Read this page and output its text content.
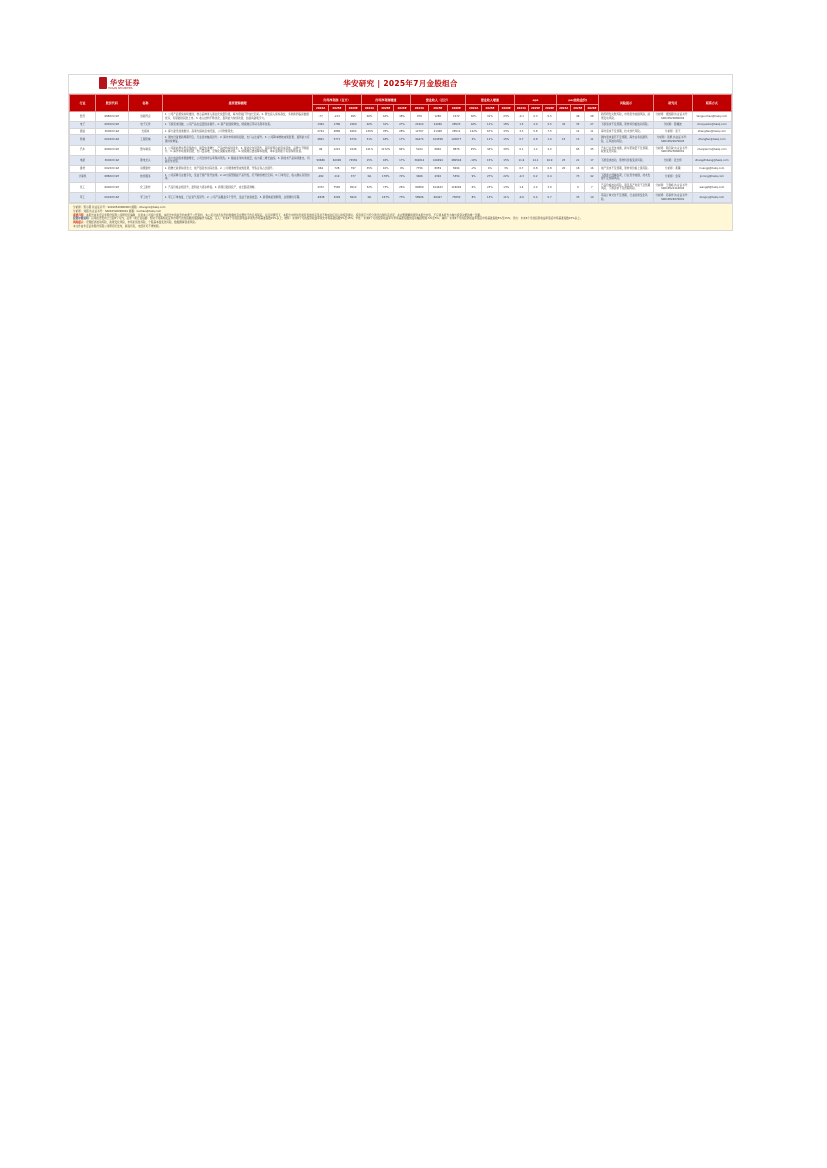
华安证券
HUAAN SECURITIES
华安研究 | 2025年7月金股组合
行业	股票代码	名称	推荐逻辑梳理	归母净利润（百万）			归母净利润增速			营业收入（百万）			营业收入增速			eps			pe(按收盘价)			风险提示	研究员	联系方式
				2024A	2025E	2026E	2024A	2025E	2026E	2024A	2025E	2026E	2024A	2025E	2026E	2024A	2025E	2026E	2024A	2025E	2026E			
医药	688XXX.SH	创新药企	1. 公司产品管线持续推进，核心品种进入商业化放量阶段，海外授权打开成长空间。2. 研发投入保持高位，多款新药临床数据优异，有望陆续获批上市。3. 收入结构不断优化，盈利能力持续改善，估值具备吸引力。	-77	-213	265	46%	42%	38%	976	1280	1572	30%	31%	23%	-0.1	0.3	0.5		46	28	新药研发失败风险，市场竞争加剧风险，政策变动风险。	分析师：谭国超 执业证书号：S0010520080002	tanguochao@hazq.com
电子	603XXX.SH	电子元件	1. 下游需求回暖，公司产品出货量稳步提升。2. 新产能陆续释放，规模效应带动毛利率改善。	1364	1780	2269	40%	31%	27%	21924	24260	28523	16%	11%	18%	1.5	2.0	2.5	45	35	27	下游需求不及预期，原材料价格波动风险。	分析师：陈耀波	chenyaobo@hazq.com
通信	300XXX.SZ	光模块	1. 算力建设加速推进，高速光模块需求旺盛，公司份额领先。	2744	4889	6264	139%	78%	28%	12797	21368	28512	122%	67%	33%	3.3	5.8	7.5		14	11	海外需求不及预期，技术迭代风险。	分析师：张天	zhangtian@hazq.com
机械	002XXX.SZ	工程机械	1. 国内设备更新周期开启，行业需求触底回升。2. 海外市场持续拓展，出口占比提升。3. 公司降本增效成果显著，盈利能力有望持续修复。	4891	5771	6734	31%	18%	17%	94474	104598	120677	4%	11%	15%	0.7	0.8	1.0	15	13	11	国内需求复苏不及预期，海外业务拓展风险，汇率波动风险。	分析师：张帆 执业证书号：S0010522070003	zhangfan@hazq.com
汽车	600XXX.SH	整车制造	1. 公司新能源车型密集推出，销量快速增长，产品结构持续优化。2. 智能化布局领先，高阶智驾功能逐步落地，品牌力不断提升。3. 海外市场加速拓展，出口量高增，全球化战略成效初显。4. 规模效应叠加降本措施，单车盈利能力有望持续改善。	96	1221	2246	141%	1172%	84%	5104	6840	8876	25%	34%	30%	0.1	1.2	2.2		65	35	汽车行业竞争加剧，新车型销量不及预期，政策变化风险。	分析师：陈佳敏 执业证书号：S0010523060001	chenjiamin@hazq.com
电新	300XXX.SZ	锂电龙头	1. 动力电池需求稳健增长，公司全球市占率保持领先。2. 储能业务快速放量，成为第二增长曲线。3. 新技术产品持续推出，巩固竞争优势。	50686	62099	74581	15%	18%	17%	362012	416994	480546	-10%	15%	15%	11.6	14.1	16.9	25	21	17	下游需求波动，原材料价格变动风险。	分析师：张志邦	zhangzhibang@hazq.com
建材	002XXX.SZ	消费建材	1. 稳增长政策持续发力，地产链需求边际改善。2. 公司渠道转型成效显著，零售业务占比提升。	664	728	797	35%	10%	9%	7756	8059	8294	-2%	4%	3%	0.7	0.8	0.8	20	18	16	地产需求不及预期，原材料价格上涨风险。	分析师：黄骥	huangji@hazq.com
计算机	688XXX.SH	软件服务	1. 公司深耕行业数字化，受益于国产替代加速。2. AI大模型赋能产品升级，打开新的增长空间。3. 订单充足，收入确认有望加速。	-282	219	377	NA	178%	72%	3466	4392	5354	9%	27%	22%	-0.3	0.2	0.4		73	42	下游客户预算收紧，行业竞争加剧，技术发展不及预期风险。	分析师：金荣	jinrong@hazq.com
化工	600XXX.SH	化工新材	1. 产品价格企稳回升，盈利能力逐步修复。2. 新项目陆续投产，成长路径清晰。	4372	7565	9512	32%	73%	26%	84889	104643	118094	6%	23%	13%	1.4	2.4	3.0		9	7	产品价格波动风险，项目投产进度不及预期风险，下游需求不及预期风险。	分析师：王强峰 执业证书号：S0010522110002	wangqf@hazq.com
军工	002XXX.SZ	军工电子	1. 军工订单恢复，行业景气度回升。2. 公司产品覆盖多个型号，受益于装备放量。3. 新领域拓展顺利，业绩弹性可期。	-4848	3249	5624	NA	167%	73%	58996	66427	73650	8%	13%	11%	-0.6	0.4	0.7		33	19	军品订单交付不及预期，行业政策变化风险。	分析师：邓承佯 执业证书号：S0010524070001	dengcy@hazq.com

分析师：郑小霞 执业证书号：S0010520080003 邮箱：zhengxx@hazq.com

分析师：刘超 执业证书号：S0010520090001 邮箱：liuchao@hazq.com

重要声明：本报告由华安证券股份有限公司研究所编制，仅供本公司客户使用。本报告中的信息均来源于公开资料，本公司对这些信息的准确性及完整性不作任何保证。在任何情况下，本报告中的信息或所表述的意见并不构成对任何人的投资建议。投资者应当充分考虑自身特定状况，并完整理解和使用本报告内容，不应视本报告为做出投资决策的唯一因素。

投资评级说明：以本报告发布之日起6个月内，证券（或行业指数）相对于同期相关证券市场代表性指数的涨跌幅作为基准。买入：未来6个月的投资收益率领先市场基准指数15%以上；增持：未来6个月的投资收益率领先市场基准指数5%至15%；中性：未来6个月的投资收益率与市场基准指数的变动幅度相差-5%至5%；减持：未来6个月的投资收益率落后市场基准指数5%至15%；卖出：未来6个月的投资收益率落后市场基准指数15%以上。

风险提示：宏观经济波动风险，政策变化风险，市场系统性风险，个股基本面变化风险，数据测算误差风险。

本文件由华安证券股份有限公司研究所发布，版权所有，未经许可不得转载。
